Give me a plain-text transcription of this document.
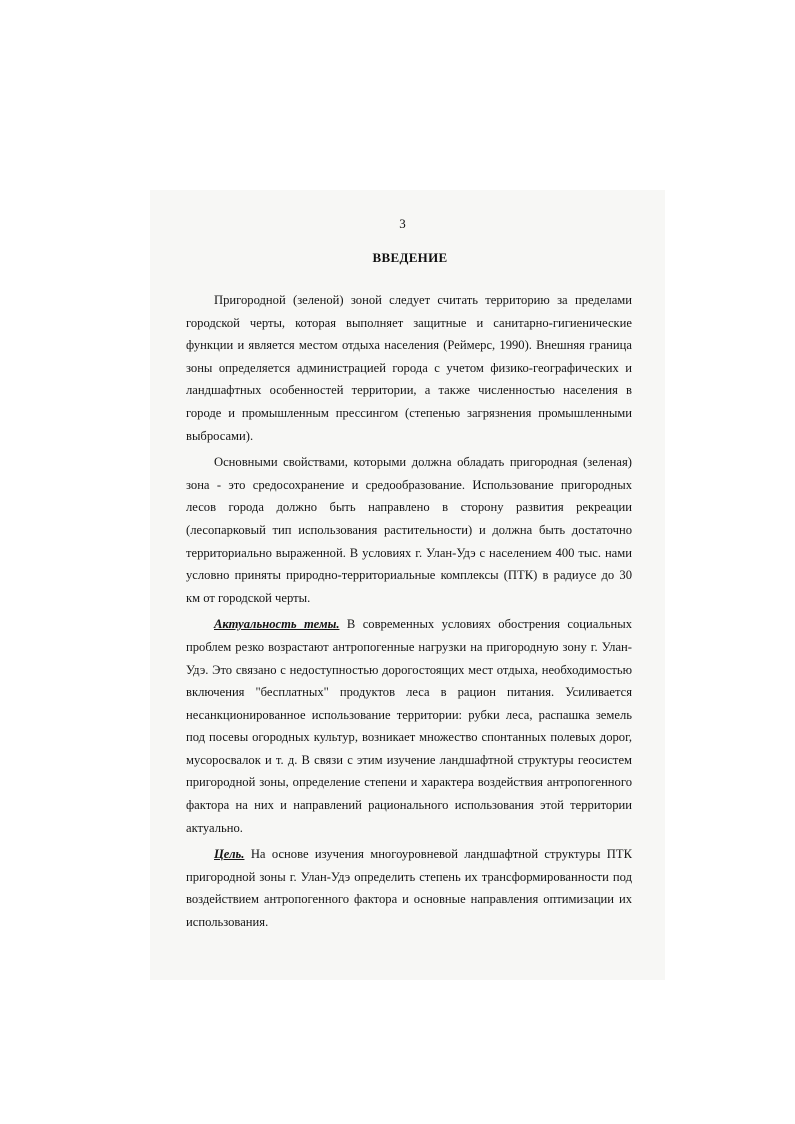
3
ВВЕДЕНИЕ

Пригородной (зеленой) зоной следует считать территорию за пределами городской черты, которая выполняет защитные и санитарно-гигиенические функции и является местом отдыха населения (Реймерс, 1990). Внешняя граница зоны определяется администрацией города с учетом физико-географических и ландшафтных особенностей территории, а также численностью населения в городе и промышленным прессингом (степенью загрязнения промышленными выбросами).

Основными свойствами, которыми должна обладать пригородная (зеленая) зона - это средосохранение и средообразование. Использование пригородных лесов города должно быть направлено в сторону развития рекреации (лесопарковый тип использования растительности) и должна быть достаточно территориально выраженной. В условиях г. Улан-Удэ с населением 400 тыс. нами условно приняты природно-территориальные комплексы (ПТК) в радиусе до 30 км от городской черты.

Актуальность темы. В современных условиях обострения социальных проблем резко возрастают антропогенные нагрузки на пригородную зону г. Улан-Удэ. Это связано с недоступностью дорогостоящих мест отдыха, необходимостью включения "бесплатных" продуктов леса в рацион питания. Усиливается несанкционированное использование территории: рубки леса, распашка земель под посевы огородных культур, возникает множество спонтанных полевых дорог, мусоросвалок и т. д. В связи с этим изучение ландшафтной структуры геосистем пригородной зоны, определение степени и характера воздействия антропогенного фактора на них и направлений рационального использования этой территории актуально.

Цель. На основе изучения многоуровневой ландшафтной структуры ПТК пригородной зоны г. Улан-Удэ определить степень их трансформированности под воздействием антропогенного фактора и основные направления оптимизации их использования.
